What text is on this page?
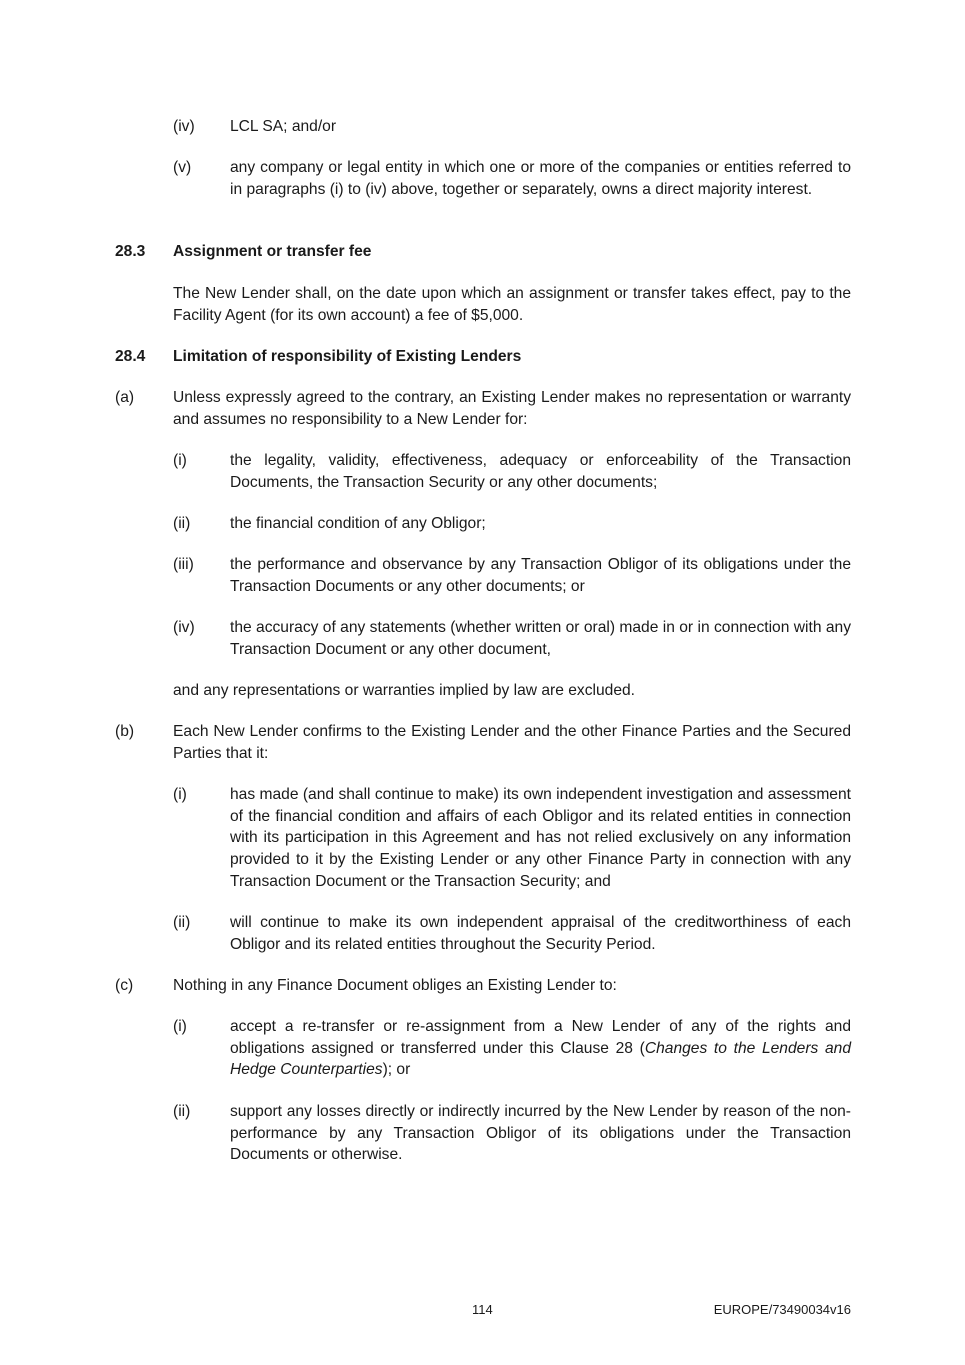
(iv) LCL SA; and/or

(v) any company or legal entity in which one or more of the companies or entities referred to in paragraphs (i) to (iv) above, together or separately, owns a direct majority interest.

28.3 Assignment or transfer fee

The New Lender shall, on the date upon which an assignment or transfer takes effect, pay to the Facility Agent (for its own account) a fee of $5,000.

28.4 Limitation of responsibility of Existing Lenders

(a) Unless expressly agreed to the contrary, an Existing Lender makes no representation or warranty and assumes no responsibility to a New Lender for:

(i)	the legality, validity, effectiveness, adequacy or enforceability of the Transaction Documents, the Transaction Security or any other documents;

(ii)	the financial condition of any Obligor;

(iii) the performance and observance by any Transaction Obligor of its obligations under the Transaction Documents or any other documents; or

(iv) the accuracy of any statements (whether written or oral) made in or in connection with any Transaction Document or any other document,

and any representations or warranties implied by law are excluded.

(b) Each New Lender confirms to the Existing Lender and the other Finance Parties and the Secured Parties that it:

(i)	has made (and shall continue to make) its own independent investigation and assessment of the financial condition and affairs of each Obligor and its related entities in connection with its participation in this Agreement and has not relied exclusively on any information provided to it by the Existing Lender or any other Finance Party in connection with any Transaction Document or the Transaction Security; and

(ii)	will continue to make its own independent appraisal of the creditworthiness of each Obligor and its related entities throughout the Security Period.

(c)	Nothing in any Finance Document obliges an Existing Lender to:

(i)	accept a re-transfer or re-assignment from a New Lender of any of the rights and obligations assigned or transferred under this Clause 28 (Changes to the Lenders and Hedge Counterparties); or

(ii)	support any losses directly or indirectly incurred by the New Lender by reason of the non-performance by any Transaction Obligor of its obligations under the Transaction Documents or otherwise.

114	EUROPE/73490034v16
